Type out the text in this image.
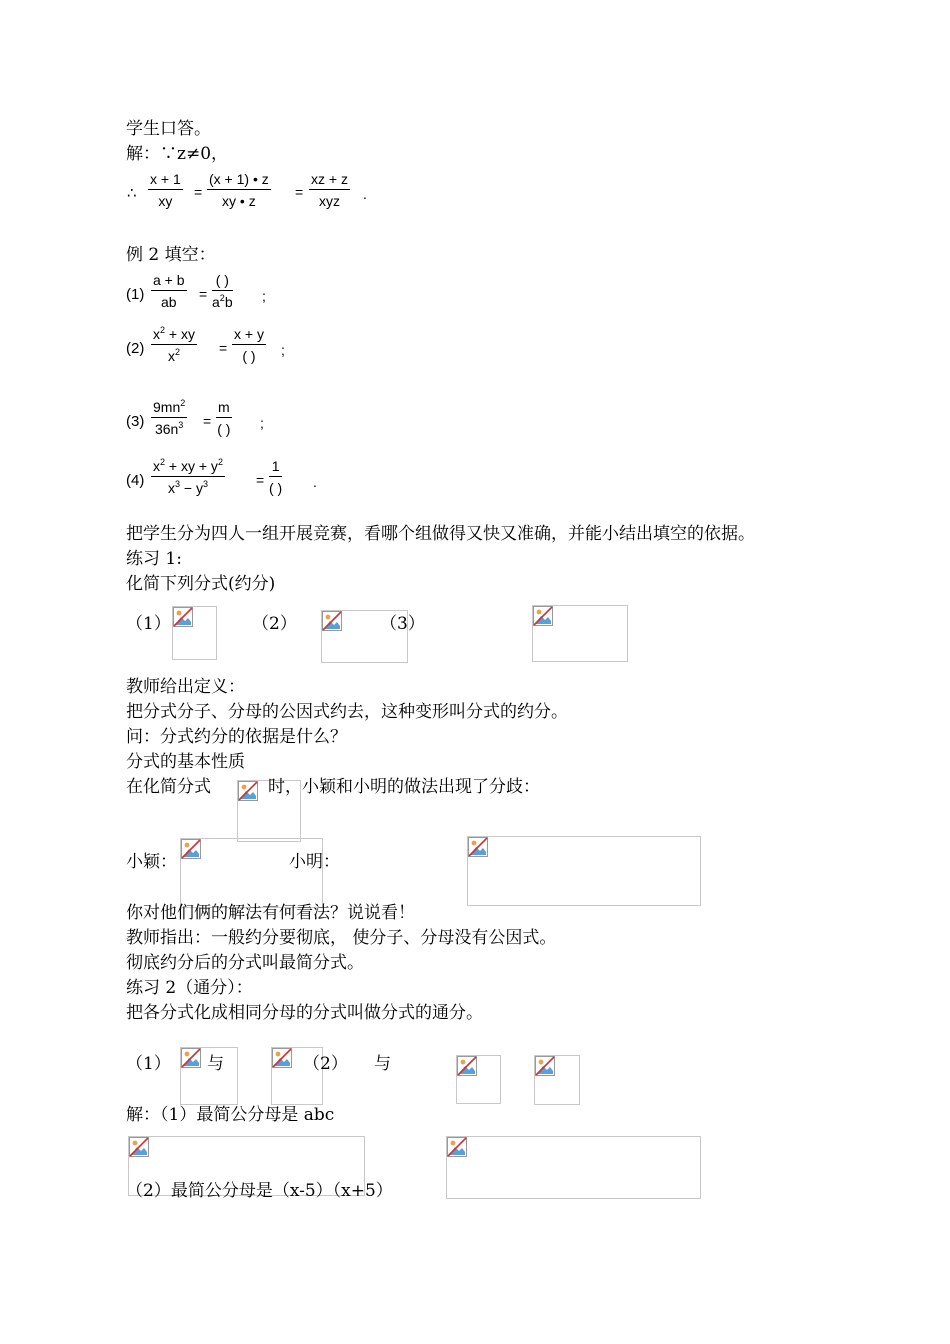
学生口答。
解：∵z≠0，
∴ $\frac{x + 1}{xy} = \frac{(x + 1) • z}{xy • z}$ =
xz + z
xyz	.
例 2 填空：
$(1) \frac{a + b}{ab}$ =
( )
$a^2b$ ;
$(2) \frac{x^2 + xy}{x^2}$ =
x + y
( )	;
$(3) \frac{9mn^2}{36n^3}$ =
m
( ) ;
$(4) \frac{x^2 + xy + y^2}{x^3 - y^3}$ =
1
( ) .
把学生分为四人一组开展竞赛，看哪个组做得又快又准确，并能小结出填空的依据。
练习 1:
化简下列分式(约分)
（1）	（2）	（3）
教师给出定义：
把分式分子、分母的公因式约去，这种变形叫分式的约分。
问：分式约分的依据是什么？
分式的基本性质
在化简分式	时，小颖和小明的做法出现了分歧：
小颖：	小明：
你对他们俩的解法有何看法？说说看！
教师指出：一般约分要彻底， 使分子、分母没有公因式。
彻底约分后的分式叫最简分式。
练习 2（通分）：
把各分式化成相同分母的分式叫做分式的通分。
（1） 与	（2） 与
解：（1）最简公分母是 abc
（2）最简公分母是（x-5）（x+5）
